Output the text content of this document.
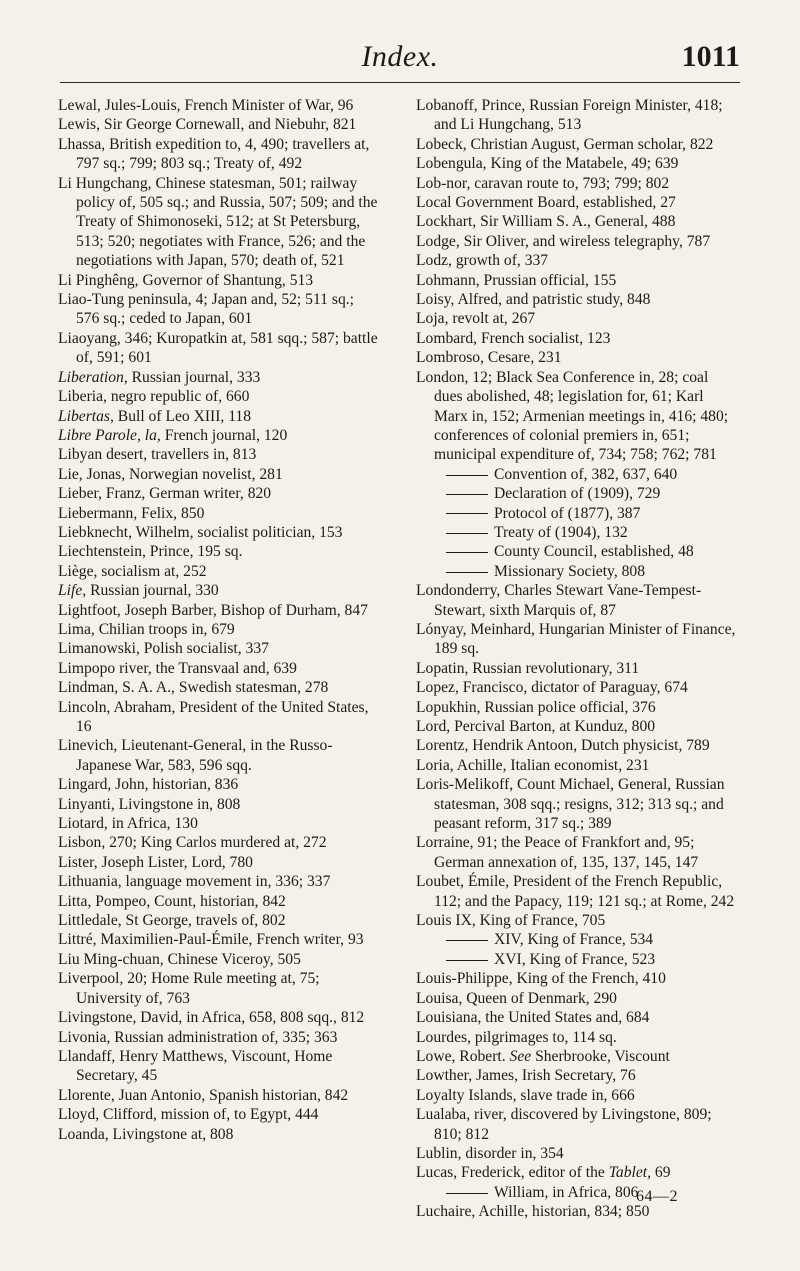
Index.	1011

Lewal, Jules-Louis, French Minister of War, 96

Lewis, Sir George Cornewall, and Niebuhr, 821

Lhassa, British expedition to, 4, 490; travellers at, 797 sq.; 799; 803 sq.; Treaty of, 492

Li Hungchang, Chinese statesman, 501; railway policy of, 505 sq.; and Russia, 507; 509; and the Treaty of Shimonoseki, 512; at St Petersburg, 513; 520; negotiates with France, 526; and the negotiations with Japan, 570; death of, 521

Li Pinghêng, Governor of Shantung, 513

Liao-Tung peninsula, 4; Japan and, 52; 511 sq.; 576 sq.; ceded to Japan, 601

Liaoyang, 346; Kuropatkin at, 581 sqq.; 587; battle of, 591; 601

Liberation, Russian journal, 333

Liberia, negro republic of, 660

Libertas, Bull of Leo XIII, 118

Libre Parole, la, French journal, 120

Libyan desert, travellers in, 813

Lie, Jonas, Norwegian novelist, 281

Lieber, Franz, German writer, 820

Liebermann, Felix, 850

Liebknecht, Wilhelm, socialist politician, 153

Liechtenstein, Prince, 195 sq.

Liège, socialism at, 252

Life, Russian journal, 330

Lightfoot, Joseph Barber, Bishop of Durham, 847

Lima, Chilian troops in, 679

Limanowski, Polish socialist, 337

Limpopo river, the Transvaal and, 639

Lindman, S. A. A., Swedish statesman, 278

Lincoln, Abraham, President of the United States, 16

Linevich, Lieutenant-General, in the Russo-Japanese War, 583, 596 sqq.

Lingard, John, historian, 836

Linyanti, Livingstone in, 808

Liotard, in Africa, 130

Lisbon, 270; King Carlos murdered at, 272

Lister, Joseph Lister, Lord, 780

Lithuania, language movement in, 336; 337

Litta, Pompeo, Count, historian, 842

Littledale, St George, travels of, 802

Littré, Maximilien-Paul-Émile, French writer, 93

Liu Ming-chuan, Chinese Viceroy, 505

Liverpool, 20; Home Rule meeting at, 75; University of, 763

Livingstone, David, in Africa, 658, 808 sqq., 812

Livonia, Russian administration of, 335; 363

Llandaff, Henry Matthews, Viscount, Home Secretary, 45

Llorente, Juan Antonio, Spanish historian, 842

Lloyd, Clifford, mission of, to Egypt, 444

Loanda, Livingstone at, 808

Lobanoff, Prince, Russian Foreign Minister, 418; and Li Hungchang, 513

Lobeck, Christian August, German scholar, 822

Lobengula, King of the Matabele, 49; 639

Lob-nor, caravan route to, 793; 799; 802

Local Government Board, established, 27

Lockhart, Sir William S. A., General, 488

Lodge, Sir Oliver, and wireless telegraphy, 787

Lodz, growth of, 337

Lohmann, Prussian official, 155

Loisy, Alfred, and patristic study, 848

Loja, revolt at, 267

Lombard, French socialist, 123

Lombroso, Cesare, 231

London, 12; Black Sea Conference in, 28; coal dues abolished, 48; legislation for, 61; Karl Marx in, 152; Armenian meetings in, 416; 480; conferences of colonial premiers in, 651; municipal expenditure of, 734; 758; 762; 781

Convention of, 382, 637, 640

Declaration of (1909), 729

Protocol of (1877), 387

Treaty of (1904), 132

County Council, established, 48

Missionary Society, 808

Londonderry, Charles Stewart Vane-Tempest-Stewart, sixth Marquis of, 87

Lónyay, Meinhard, Hungarian Minister of Finance, 189 sq.

Lopatin, Russian revolutionary, 311

Lopez, Francisco, dictator of Paraguay, 674

Lopukhin, Russian police official, 376

Lord, Percival Barton, at Kunduz, 800

Lorentz, Hendrik Antoon, Dutch physicist, 789

Loria, Achille, Italian economist, 231

Loris-Melikoff, Count Michael, General, Russian statesman, 308 sqq.; resigns, 312; 313 sq.; and peasant reform, 317 sq.; 389

Lorraine, 91; the Peace of Frankfort and, 95; German annexation of, 135, 137, 145, 147

Loubet, Émile, President of the French Republic, 112; and the Papacy, 119; 121 sq.; at Rome, 242

Louis IX, King of France, 705

XIV, King of France, 534

XVI, King of France, 523

Louis-Philippe, King of the French, 410

Louisa, Queen of Denmark, 290

Louisiana, the United States and, 684

Lourdes, pilgrimages to, 114 sq.

Lowe, Robert. See Sherbrooke, Viscount

Lowther, James, Irish Secretary, 76

Loyalty Islands, slave trade in, 666

Lualaba, river, discovered by Livingstone, 809; 810; 812

Lublin, disorder in, 354

Lucas, Frederick, editor of the Tablet, 69

William, in Africa, 806

Luchaire, Achille, historian, 834; 850

64—2
